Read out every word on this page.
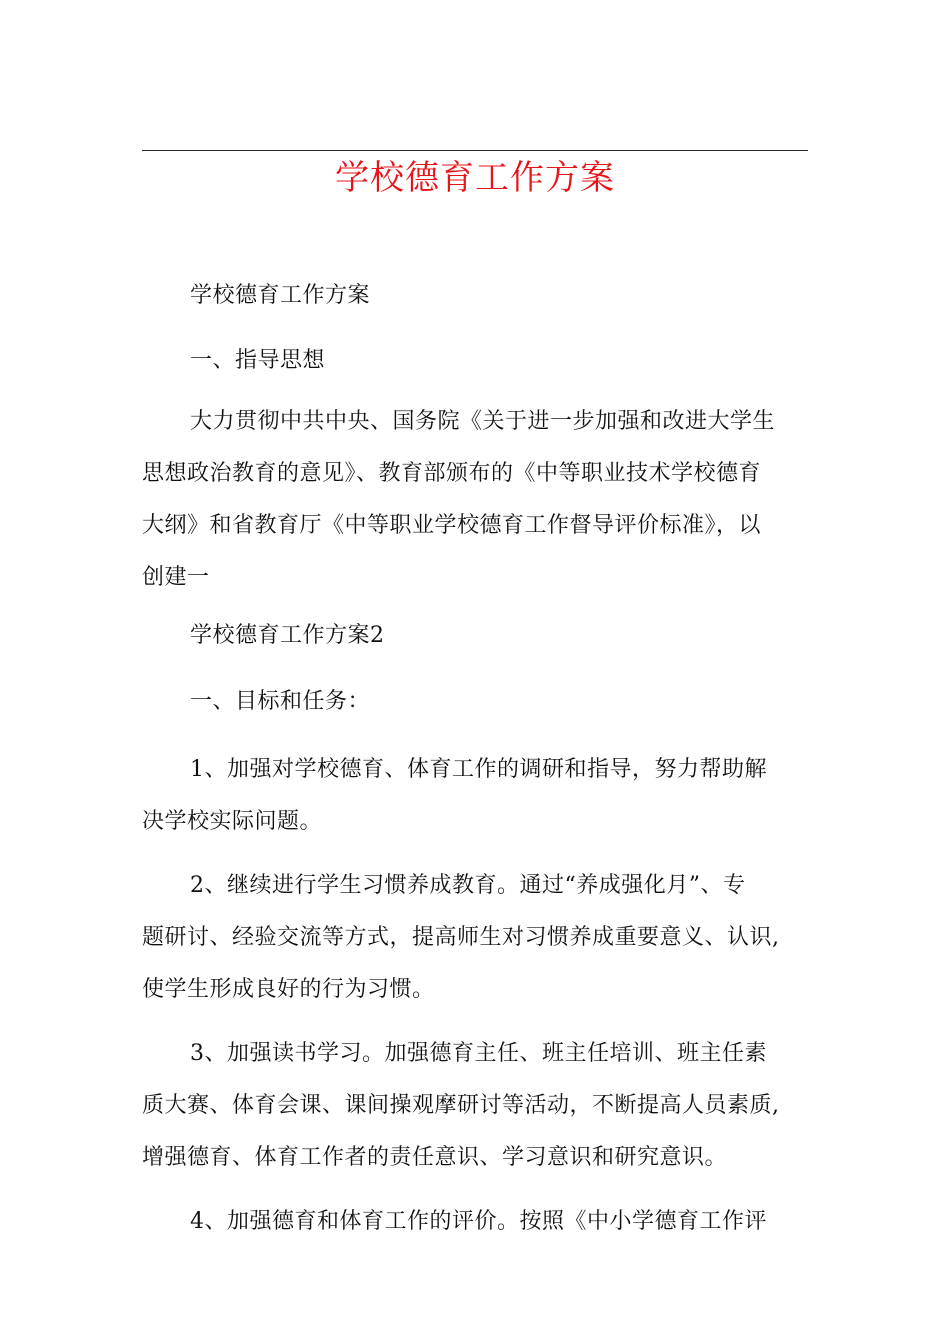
学校德育工作方案
学校德育工作方案
一、指导思想
大力贯彻中共中央、国务院《关于进一步加强和改进大学生
思想政治教育的意见》、教育部颁布的《中等职业技术学校德育
大纲》和省教育厅《中等职业学校德育工作督导评价标准》，以
创建一
学校德育工作方案2
一、目标和任务：
1、加强对学校德育、体育工作的调研和指导，努力帮助解
决学校实际问题。
2、继续进行学生习惯养成教育。通过“养成强化月”、专
题研讨、经验交流等方式，提高师生对习惯养成重要意义、认识,
使学生形成良好的行为习惯。
3、加强读书学习。加强德育主任、班主任培训、班主任素
质大赛、体育会课、课间操观摩研讨等活动，不断提高人员素质,
增强德育、体育工作者的责任意识、学习意识和研究意识。
4、加强德育和体育工作的评价。按照《中小学德育工作评
